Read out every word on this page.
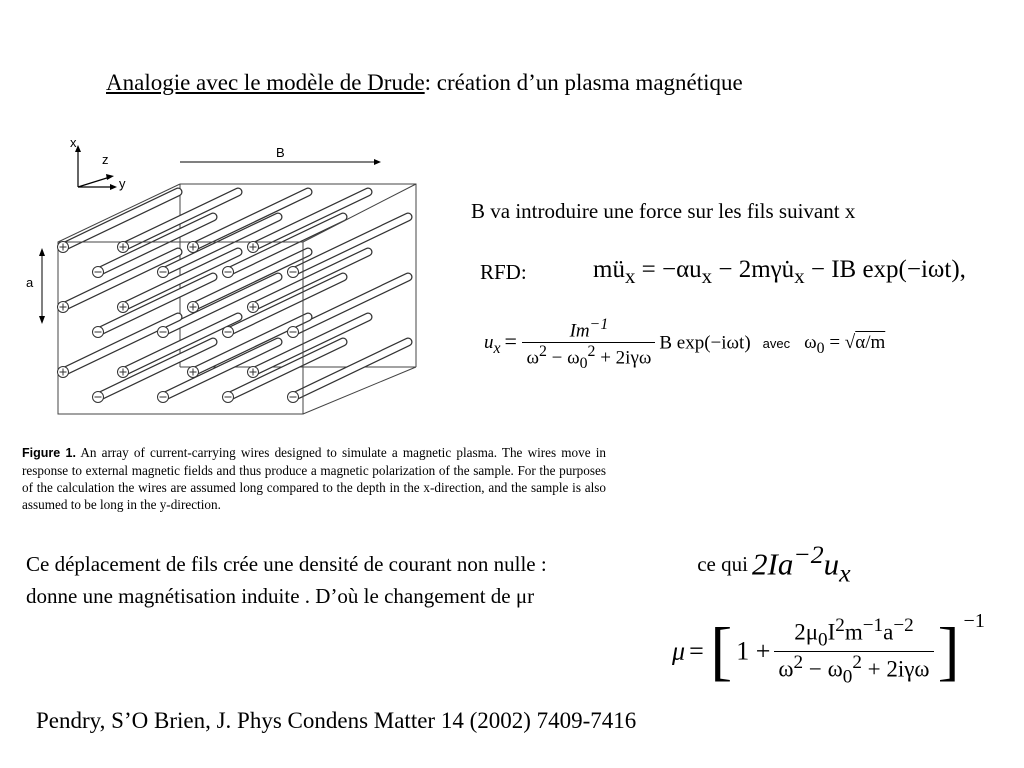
Analogie avec le modèle de Drude: création d’un plasma magnétique
x
z
y
B
a
Figure 1. An array of current-carrying wires designed to simulate a magnetic plasma. The wires move in response to external magnetic fields and thus produce a magnetic polarization of the sample. For the purposes of the calculation the wires are assumed long compared to the depth in the x-direction, and the sample is also assumed to be long in the y-direction.
B va introduire une force sur les fils suivant x
RFD:	$mü_x = -\alpha u_x$ − $2m\gamma u̇_x$ − IB exp(−iωt),
$u_x = \frac{Im^{-1}}{\omega^2 - \omega_0^2 + 2i\gamma\omega}$ B exp(−iωt) avec $\omega_0 = √\alpha/m$
Ce déplacement de fils crée une densité de courant non nulle :	ce qui
donne une magnétisation induite . D’où le changement de μr
$2Ia^{-2}u_x$
μ = [ $1 + \frac{2\mu_0I^2m^{-1}a^{-2}}{\omega^2 - \omega_0^2 + 2i\gamma\omega}$ ] $^{-1}$
Pendry, S’O Brien, J. Phys Condens Matter 14 (2002) 7409-7416
